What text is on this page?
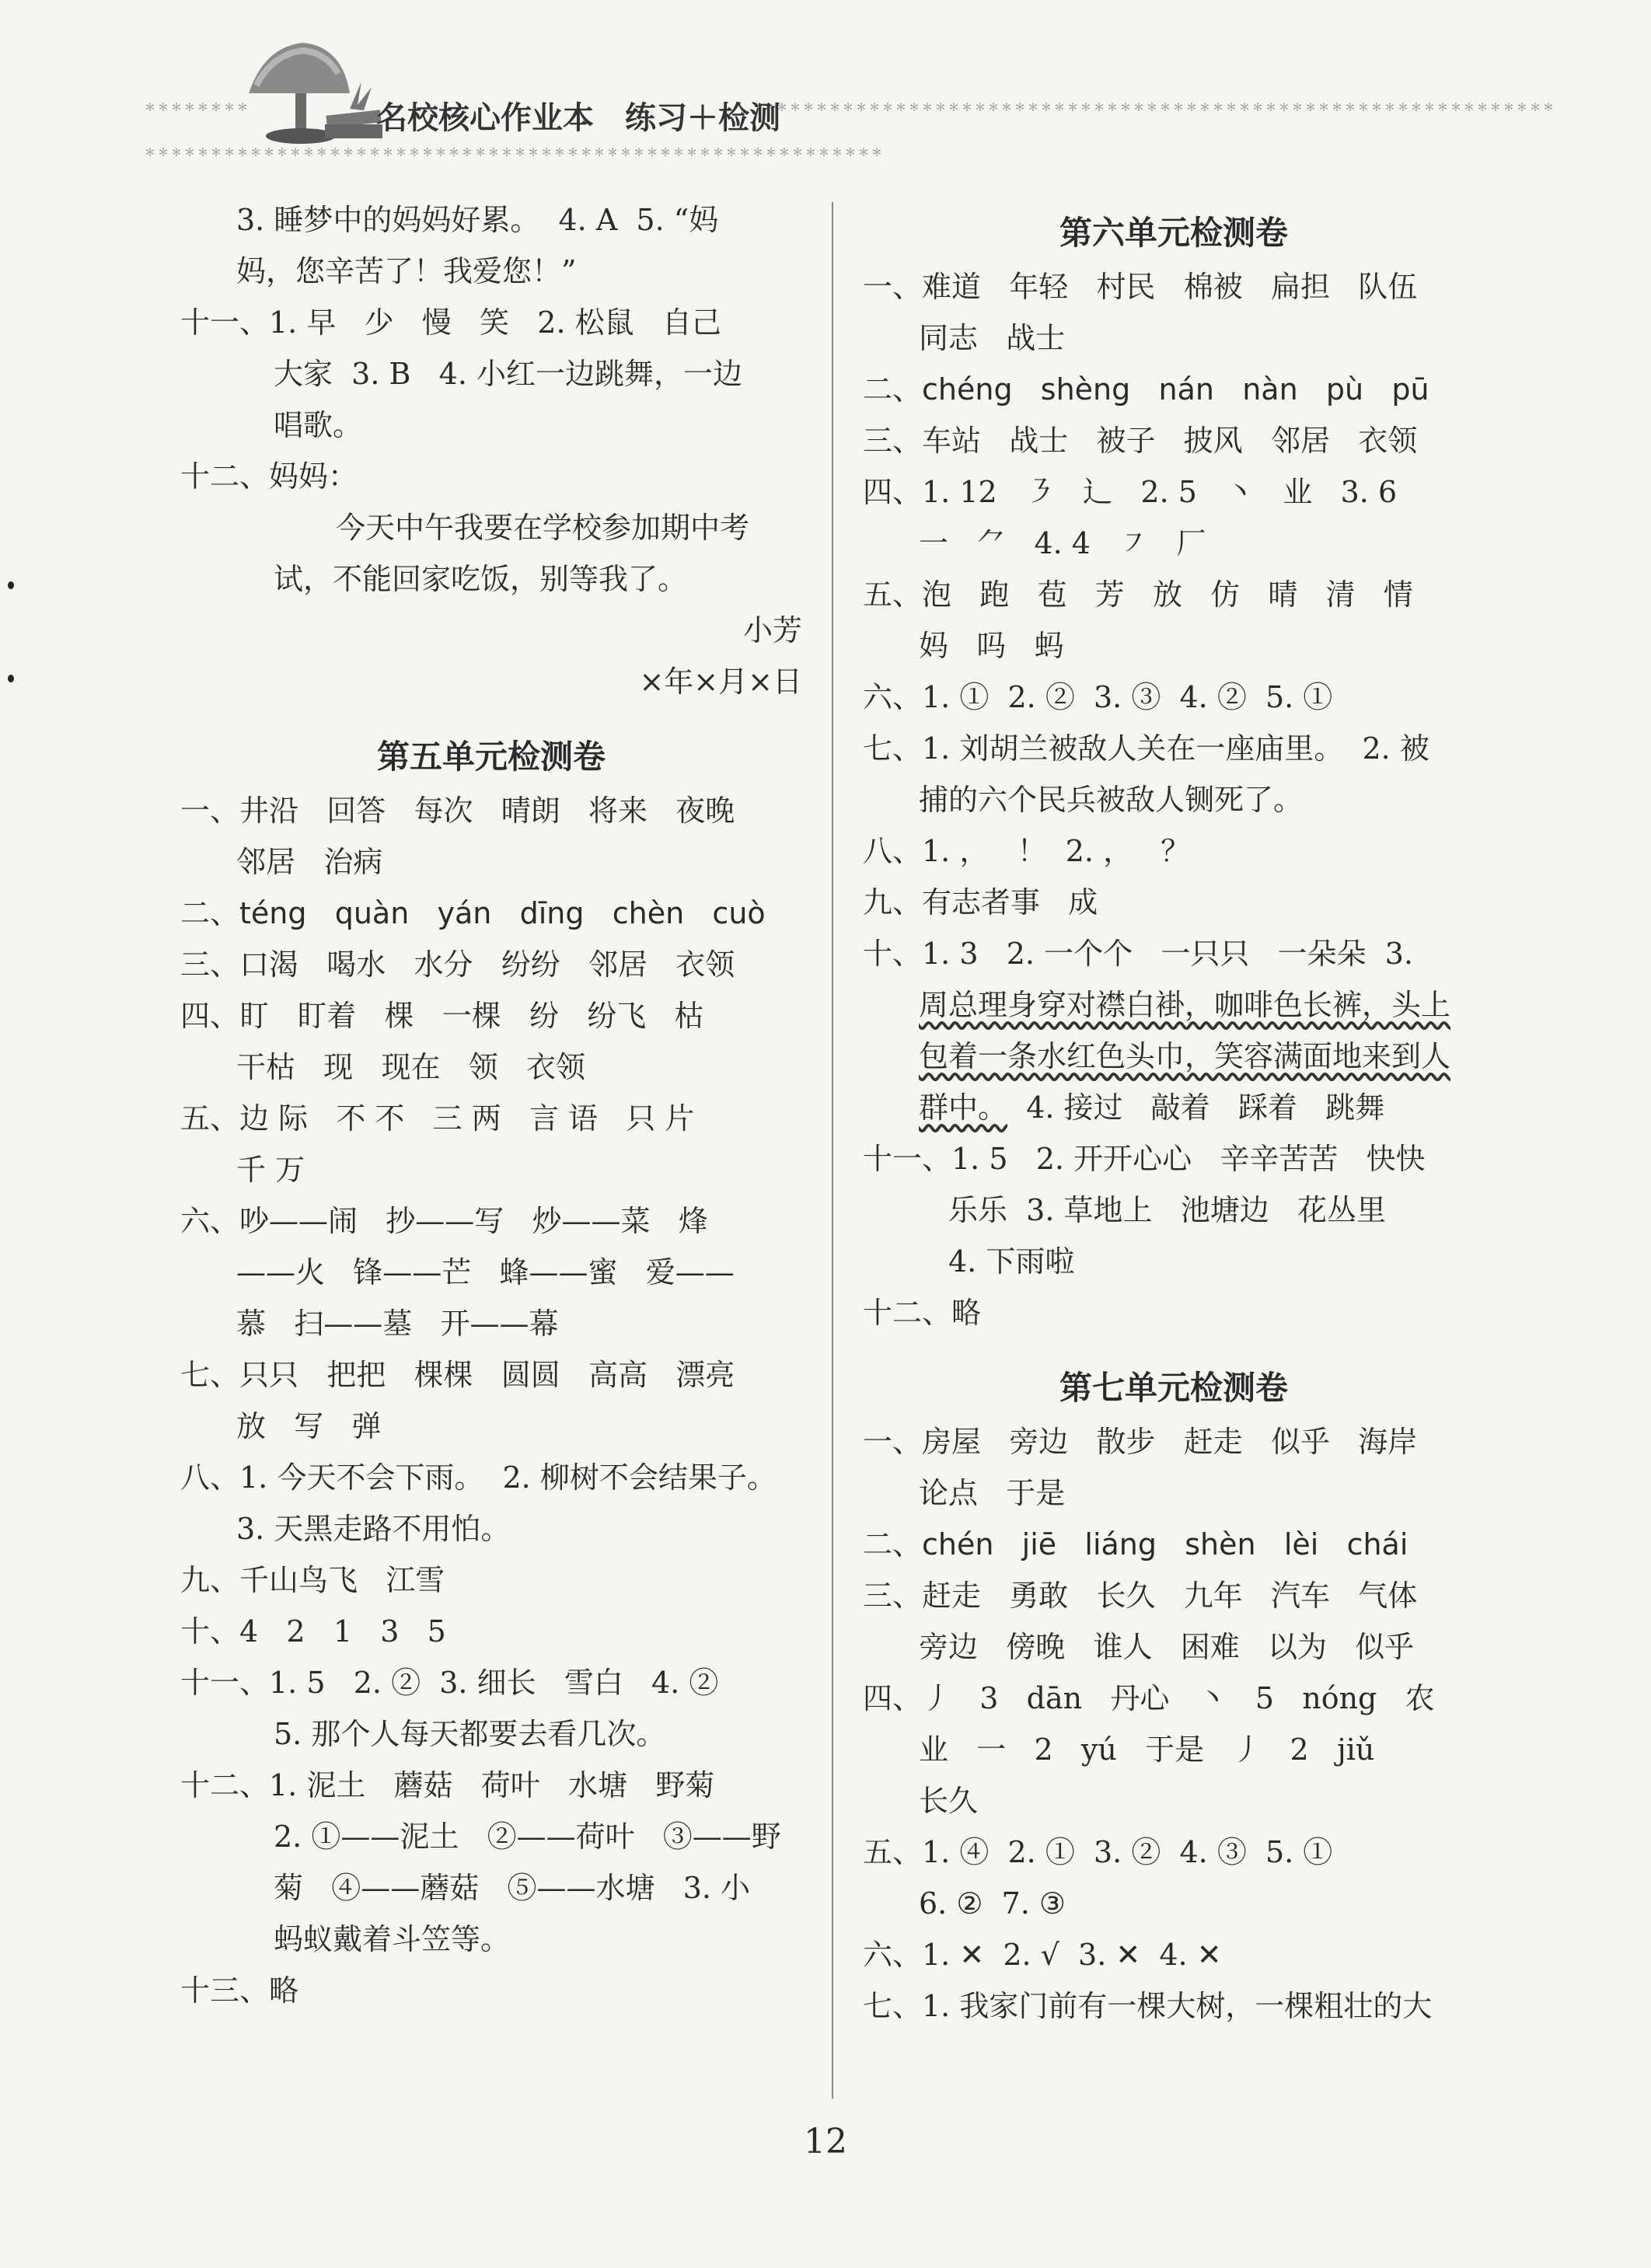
＊＊＊＊＊＊＊＊	＊＊＊＊＊＊＊＊＊＊＊＊＊＊＊＊＊＊＊＊＊＊＊＊＊＊＊＊＊＊＊＊＊＊＊＊＊＊＊＊＊＊＊＊＊＊＊＊＊＊＊＊＊＊＊＊＊＊＊＊
＊＊＊＊＊＊＊＊＊＊＊＊＊＊＊＊＊＊＊＊＊＊＊＊＊＊＊＊＊＊＊＊＊＊＊＊＊＊＊＊＊＊＊＊＊＊＊＊＊＊＊＊＊＊＊＊
名校核心作业本 练习＋检测
3. 睡梦中的妈妈好累。  4. A  5. “妈
妈，您辛苦了！我爱您！”
十一、1. 早   少   慢   笑   2. 松鼠   自己
大家  3. B   4. 小红一边跳舞，一边
唱歌。
十二、妈妈：
今天中午我要在学校参加期中考
试，不能回家吃饭，别等我了。
小芳
×年×月×日
第五单元检测卷
一、井沿   回答   每次   晴朗   将来   夜晚
邻居   治病
二、téng   quàn   yán   dīng   chèn   cuò
三、口渴   喝水   水分   纷纷   邻居   衣领
四、盯   盯着   棵   一棵   纷   纷飞   枯
干枯   现   现在   领   衣领
五、边 际   不 不   三 两   言 语   只 片
千 万
六、吵——闹   抄——写   炒——菜   烽
——火   锋——芒   蜂——蜜   爱——
慕   扫——墓   开——幕
七、只只   把把   棵棵   圆圆   高高   漂亮
放   写   弹
八、1. 今天不会下雨。  2. 柳树不会结果子。
3. 天黑走路不用怕。
九、千山鸟飞   江雪
十、4   2   1   3   5
十一、1. 5   2. ②  3. 细长   雪白   4. ②
5. 那个人每天都要去看几次。
十二、1. 泥土   蘑菇   荷叶   水塘   野菊
2. ①——泥土   ②——荷叶   ③——野
菊   ④——蘑菇   ⑤——水塘   3. 小
蚂蚁戴着斗笠等。
十三、略
第六单元检测卷
一、难道   年轻   村民   棉被   扁担   队伍
同志   战士
二、chéng   shèng   nán   nàn   pù   pū
三、车站   战士   被子   披风   邻居   衣领
四、1. 12   ㇋   辶   2. 5   丶   业   3. 6
一   ⺈   4. 4   ㇇   厂
五、泡   跑   苞   芳   放   仿   晴   清   情
妈   吗   蚂
六、1. ①  2. ②  3. ③  4. ②  5. ①
七、1. 刘胡兰被敌人关在一座庙里。  2. 被
捕的六个民兵被敌人铡死了。
八、1. ，   ！  2. ，   ？
九、有志者事   成
十、1. 3   2. 一个个   一只只   一朵朵  3.
周总理身穿对襟白褂，咖啡色长裤，头上
包着一条水红色头巾，笑容满面地来到人
群中。 4. 接过   敲着   踩着   跳舞
十一、1. 5   2. 开开心心   辛辛苦苦   快快
乐乐  3. 草地上   池塘边   花丛里
4. 下雨啦
十二、略
第七单元检测卷
一、房屋   旁边   散步   赶走   似乎   海岸
论点   于是
二、chén   jiē   liáng   shèn   lèi   chái
三、赶走   勇敢   长久   九年   汽车   气体
旁边   傍晚   谁人   困难   以为   似乎
四、丿   3   dān   丹心   丶   5   nóng   农
业   一   2   yú   于是   丿   2   jiǔ
长久
五、1. ④  2. ①  3. ②  4. ③  5. ①
6. ②  7. ③
六、1. ✕  2. √  3. ✕  4. ✕
七、1. 我家门前有一棵大树，一棵粗壮的大
12
